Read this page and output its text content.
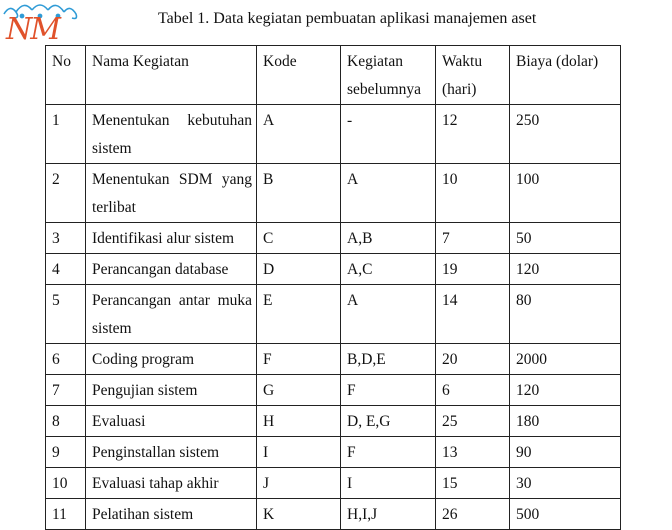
NM	Tabel 1. Data kegiatan pembuatan aplikasi manajemen aset
No	Nama Kegiatan	Kode	Kegiatan sebelumnya	Waktu (hari)	Biaya (dolar)
1	Menentukan kebutuhan sistem	A	-	12	250
2	Menentukan SDM yang terlibat	B	A	10	100
3	Identifikasi alur sistem	C	A,B	7	50
4	Perancangan database	D	A,C	19	120
5	Perancangan antar muka sistem	E	A	14	80
6	Coding program	F	B,D,E	20	2000
7	Pengujian sistem	G	F	6	120
8	Evaluasi	H	D, E,G	25	180
9	Penginstallan sistem	I	F	13	90
10	Evaluasi tahap akhir	J	I	15	30
11	Pelatihan sistem	K	H,I,J	26	500
